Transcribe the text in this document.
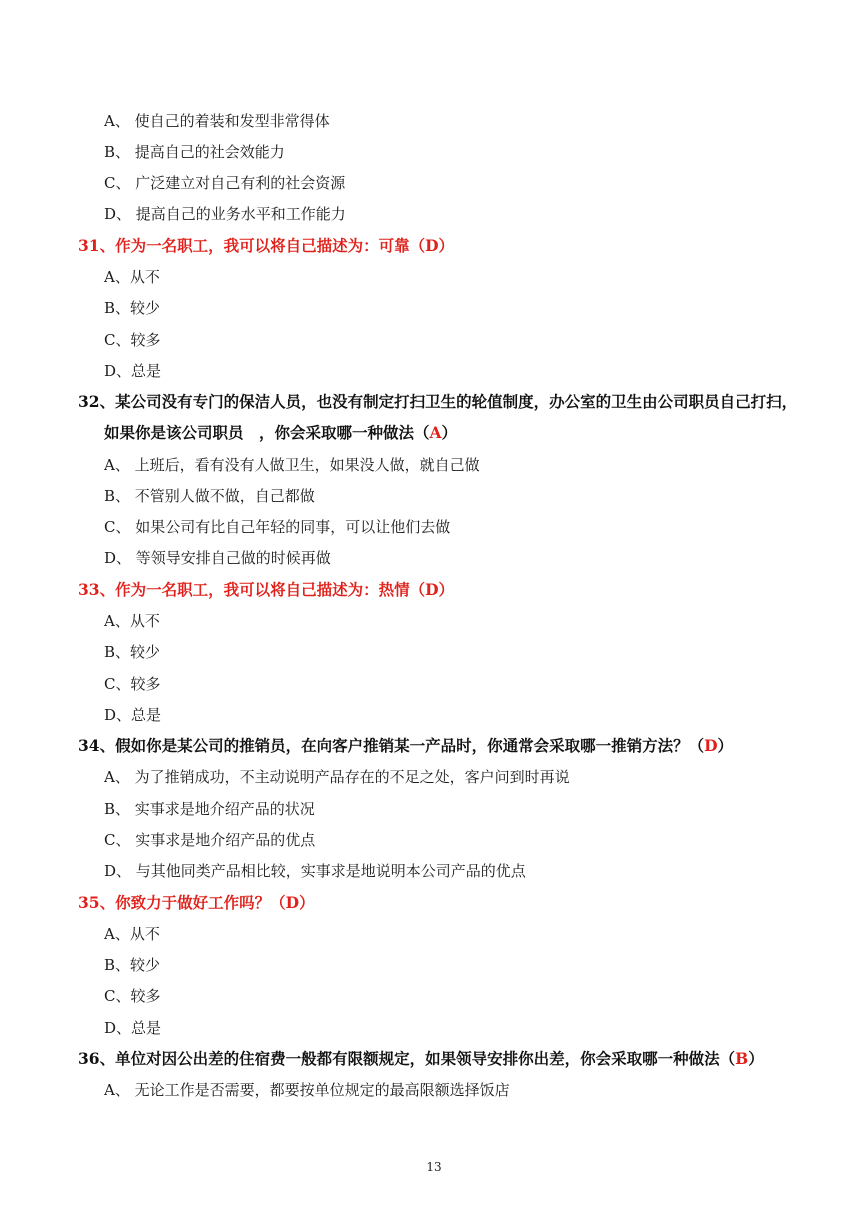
A、 使自己的着装和发型非常得体
B、 提高自己的社会效能力
C、 广泛建立对自己有利的社会资源
D、 提高自己的业务水平和工作能力
31、作为一名职工，我可以将自己描述为：可靠（D）
A、从不
B、较少
C、较多
D、总是
32、某公司没有专门的保洁人员，也没有制定打扫卫生的轮值制度，办公室的卫生由公司职员自己打扫，
如果你是该公司职员　，你会采取哪一种做法（A）
A、 上班后，看有没有人做卫生，如果没人做，就自己做
B、 不管别人做不做，自己都做
C、 如果公司有比自己年轻的同事，可以让他们去做
D、 等领导安排自己做的时候再做
33、作为一名职工，我可以将自己描述为：热情（D）
A、从不
B、较少
C、较多
D、总是
34、假如你是某公司的推销员，在向客户推销某一产品时，你通常会采取哪一推销方法？（D）
A、 为了推销成功，不主动说明产品存在的不足之处，客户问到时再说
B、 实事求是地介绍产品的状况
C、 实事求是地介绍产品的优点
D、 与其他同类产品相比较，实事求是地说明本公司产品的优点
35、你致力于做好工作吗？（D）
A、从不
B、较少
C、较多
D、总是
36、单位对因公出差的住宿费一般都有限额规定，如果领导安排你出差，你会采取哪一种做法（B）
A、 无论工作是否需要，都要按单位规定的最高限额选择饭店
13
